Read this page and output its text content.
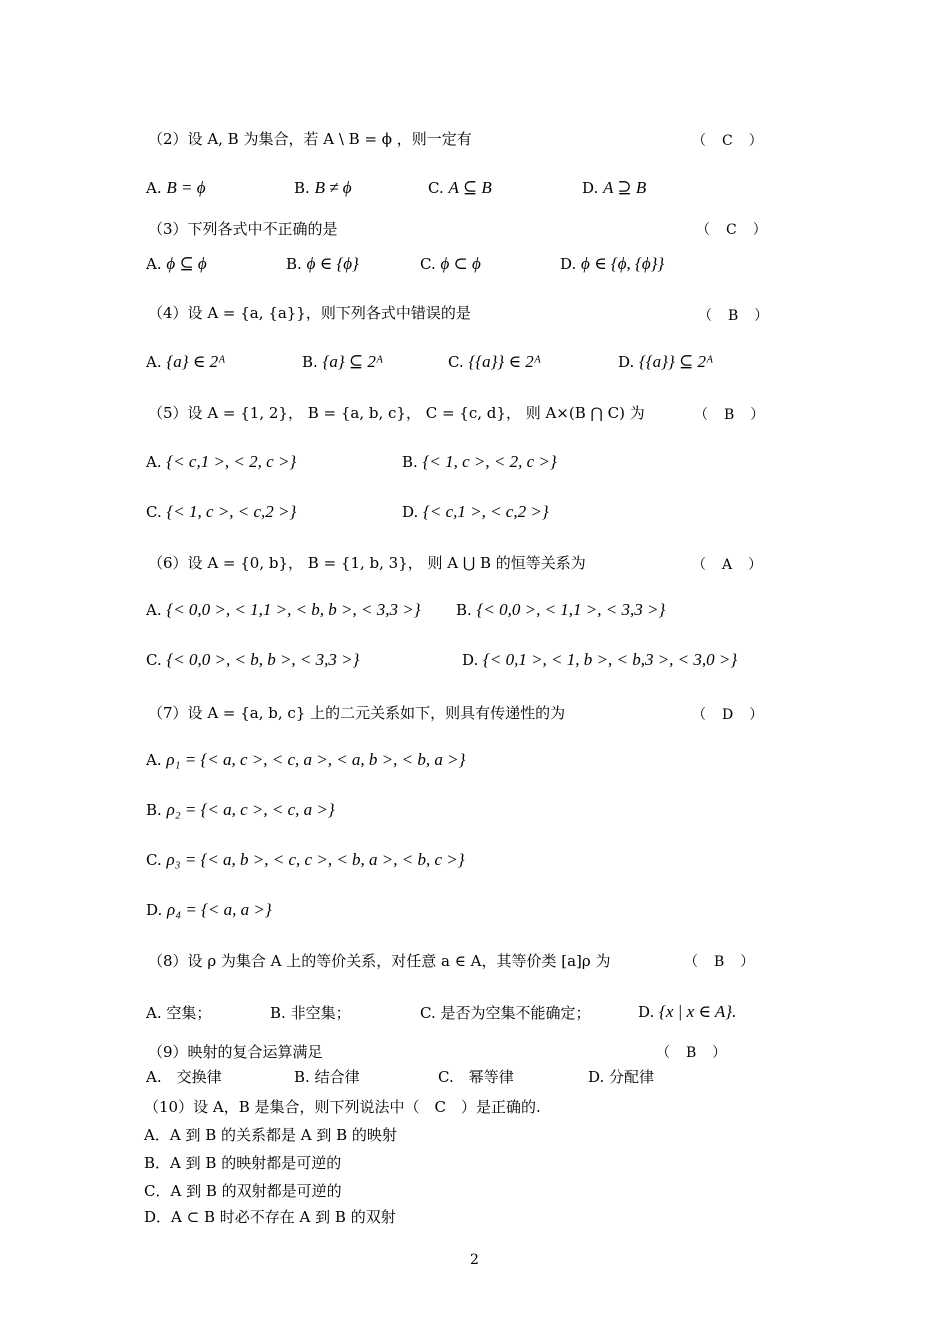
（2）设 A, B 为集合，若 A \ B = ϕ ，则一定有	（　C　）
A. B = ϕ	B. B ≠ ϕ	C. A ⊆ B	D. A ⊇ B
（3）下列各式中不正确的是	（　C　）
A. ϕ ⊆ ϕ	B. ϕ ∈ {ϕ}	C. ϕ ⊂ ϕ	D. ϕ ∈ {ϕ, {ϕ}}
（4）设 A = {a, {a}}，则下列各式中错误的是	（　B　）
A. {a} ∈ 2ᴬ	B. {a} ⊆ 2ᴬ	C. {{a}} ∈ 2ᴬ	D. {{a}} ⊆ 2ᴬ
（5）设 A = {1, 2}， B = {a, b, c}， C = {c, d}， 则 A×(B ⋂ C) 为	（　B　）
A. {< c,1 >, < 2, c >}	B. {< 1, c >, < 2, c >}
C. {< 1, c >, < c,2 >}	D. {< c,1 >, < c,2 >}
（6）设 A = {0, b}， B = {1, b, 3}， 则 A ⋃ B 的恒等关系为	（　A　）
A. {< 0,0 >, < 1,1 >, < b, b >, < 3,3 >} B. {< 0,0 >, < 1,1 >, < 3,3 >}
C. {< 0,0 >, < b, b >, < 3,3 >}	D. {< 0,1 >, < 1, b >, < b,3 >, < 3,0 >}
（7）设 A = {a, b, c} 上的二元关系如下，则具有传递性的为	（　D　）
A. ρ₁ = {< a, c >, < c, a >, < a, b >, < b, a >}
B. ρ₂ = {< a, c >, < c, a >}
C. ρ₃ = {< a, b >, < c, c >, < b, a >, < b, c >}
D. ρ₄ = {< a, a >}
（8）设 ρ 为集合 A 上的等价关系，对任意 a ∈ A，其等价类 [a]ρ 为	（　B　）
A. 空集；	B. 非空集；	C. 是否为空集不能确定；	D. {x | x ∈ A}.
（9）映射的复合运算满足	（　B　）
A.　 交换律	B. 结合律	C.　 幂等律	D. 分配律
（10）设 A，B 是集合，则下列说法中（　C　）是正确的.
A．A 到 B 的关系都是 A 到 B 的映射
B．A 到 B 的映射都是可逆的
C．A 到 B 的双射都是可逆的
D．A ⊂ B 时必不存在 A 到 B 的双射
2
